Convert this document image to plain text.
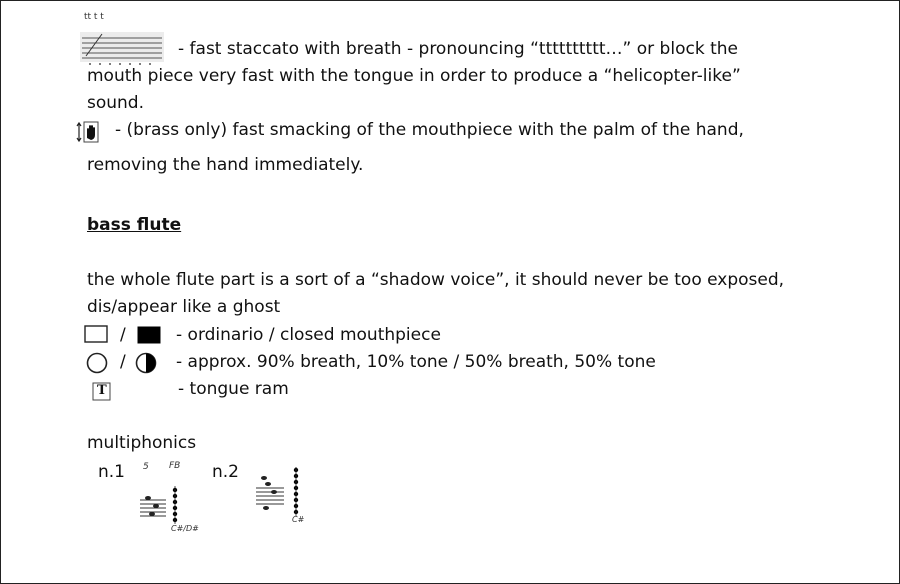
tt t t
- fast staccato with breath - pronouncing “tttttttttt…” or block the
mouth piece very fast with the tongue in order to produce a “helicopter-like”
sound.
- (brass only) fast smacking of the mouthpiece with the palm of the hand,
removing the hand immediately.
bass flute
the whole flute part is a sort of a “shadow voice”, it should never be too exposed,
dis/appear like a ghost
/	- ordinario / closed mouthpiece
/	- approx. 90% breath, 10% tone / 50% breath, 50% tone
T	- tongue ram
multiphonics
n.1	n.2
5 FB
C#/D#
C#
